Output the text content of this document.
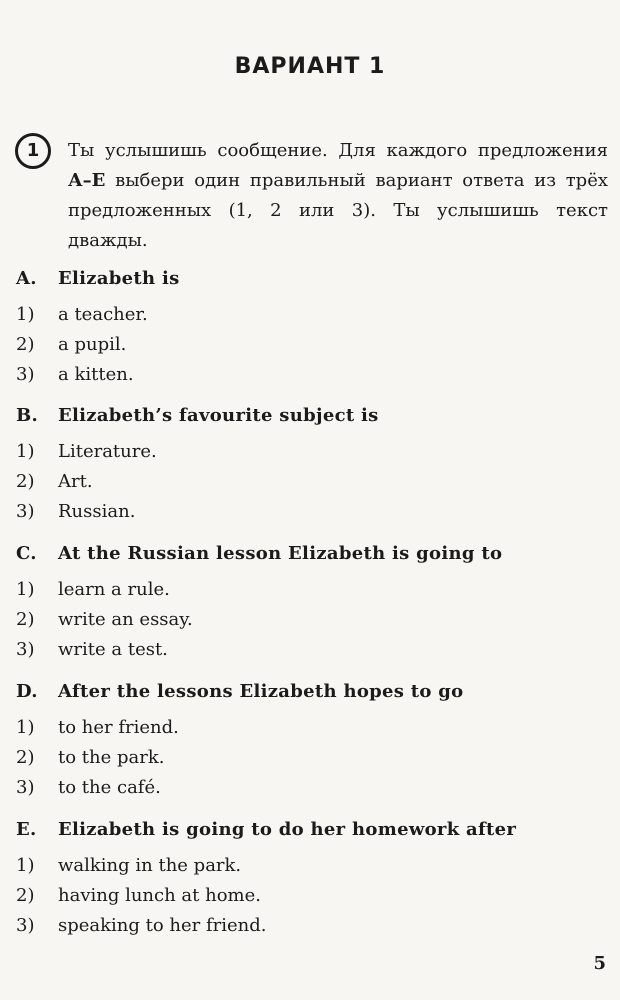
ВАРИАНТ 1
1 Ты услышишь сообщение. Для каждого предложения А–Е выбери один правильный вариант ответа из трёх предложенных (1, 2 или 3). Ты услышишь текст дважды.

A.	Elizabeth is
1)	a teacher.
2)	a pupil.
3)	a kitten.
B.	Elizabeth’s favourite subject is
1)	Literature.
2)	Art.
3)	Russian.
C.	At the Russian lesson Elizabeth is going to
1)	learn a rule.
2)	write an essay.
3)	write a test.
D.	After the lessons Elizabeth hopes to go
1)	to her friend.
2)	to the park.
3)	to the café.
E.	Elizabeth is going to do her homework after
1)	walking in the park.
2)	having lunch at home.
3)	speaking to her friend.
5
